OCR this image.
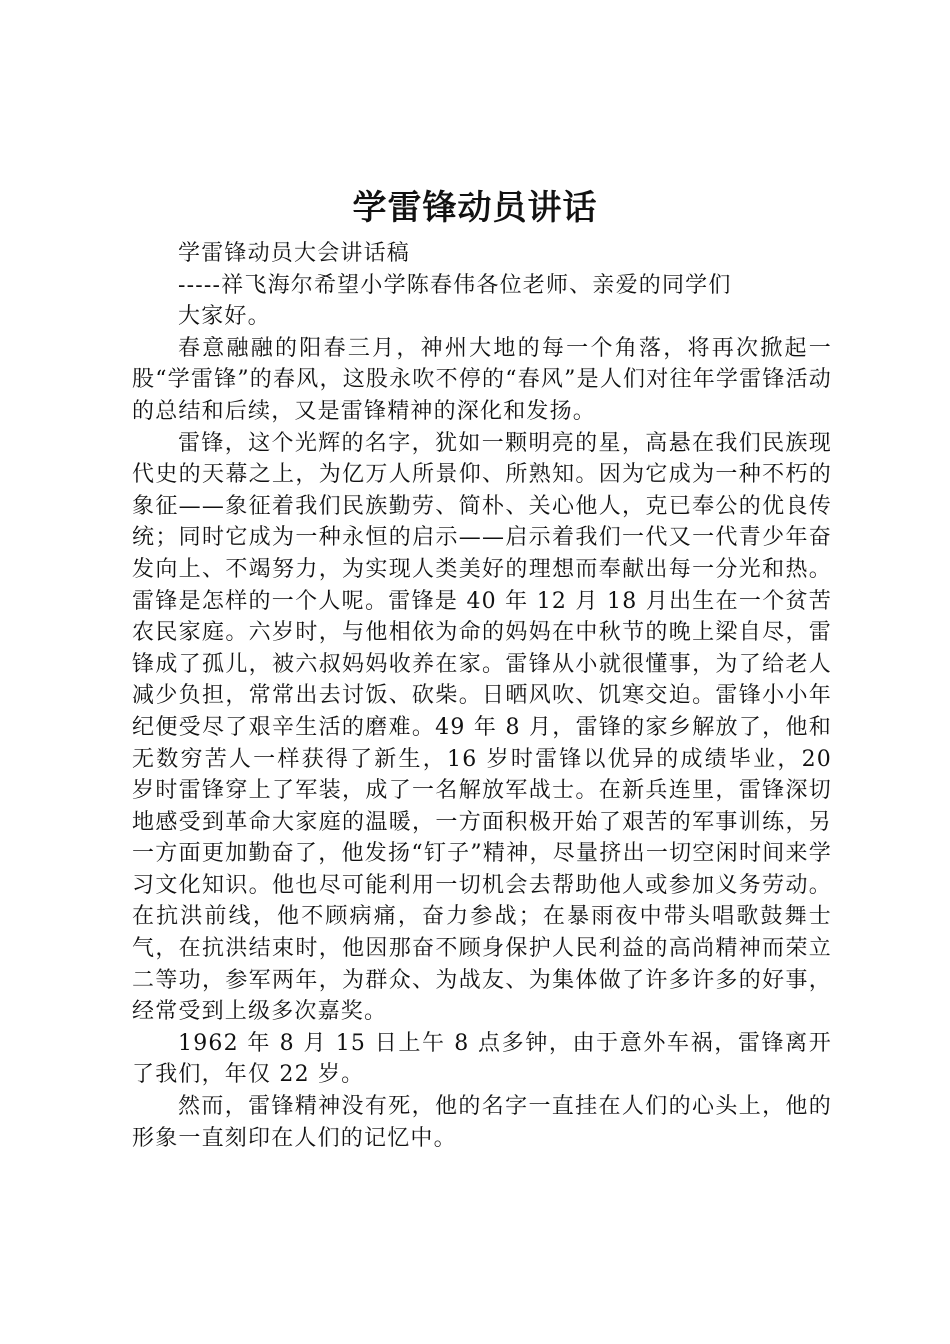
学雷锋动员讲话

学雷锋动员大会讲话稿

-----祥飞海尔希望小学陈春伟各位老师、亲爱的同学们

大家好。

春意融融的阳春三月，神州大地的每一个角落，将再次掀起一股“学雷锋”的春风，这股永吹不停的“春风”是人们对往年学雷锋活动的总结和后续，又是雷锋精神的深化和发扬。

雷锋，这个光辉的名字，犹如一颗明亮的星，高悬在我们民族现代史的天幕之上，为亿万人所景仰、所熟知。因为它成为一种不朽的象征——象征着我们民族勤劳、简朴、关心他人，克已奉公的优良传统；同时它成为一种永恒的启示——启示着我们一代又一代青少年奋发向上、不竭努力，为实现人类美好的理想而奉献出每一分光和热。雷锋是怎样的一个人呢。雷锋是 40 年 12 月 18 月出生在一个贫苦农民家庭。六岁时，与他相依为命的妈妈在中秋节的晚上梁自尽，雷锋成了孤儿，被六叔妈妈收养在家。雷锋从小就很懂事，为了给老人减少负担，常常出去讨饭、砍柴。日晒风吹、饥寒交迫。雷锋小小年纪便受尽了艰辛生活的磨难。49 年 8 月，雷锋的家乡解放了，他和无数穷苦人一样获得了新生，16 岁时雷锋以优异的成绩毕业，20 岁时雷锋穿上了军装，成了一名解放军战士。在新兵连里，雷锋深切地感受到革命大家庭的温暖，一方面积极开始了艰苦的军事训练，另一方面更加勤奋了，他发扬“钉子”精神，尽量挤出一切空闲时间来学习文化知识。他也尽可能利用一切机会去帮助他人或参加义务劳动。在抗洪前线，他不顾病痛，奋力参战；在暴雨夜中带头唱歌鼓舞士气，在抗洪结束时，他因那奋不顾身保护人民利益的高尚精神而荣立二等功，参军两年，为群众、为战友、为集体做了许多许多的好事，经常受到上级多次嘉奖。

1962 年 8 月 15 日上午 8 点多钟，由于意外车祸，雷锋离开了我们，年仅 22 岁。

然而，雷锋精神没有死，他的名字一直挂在人们的心头上，他的形象一直刻印在人们的记忆中。
